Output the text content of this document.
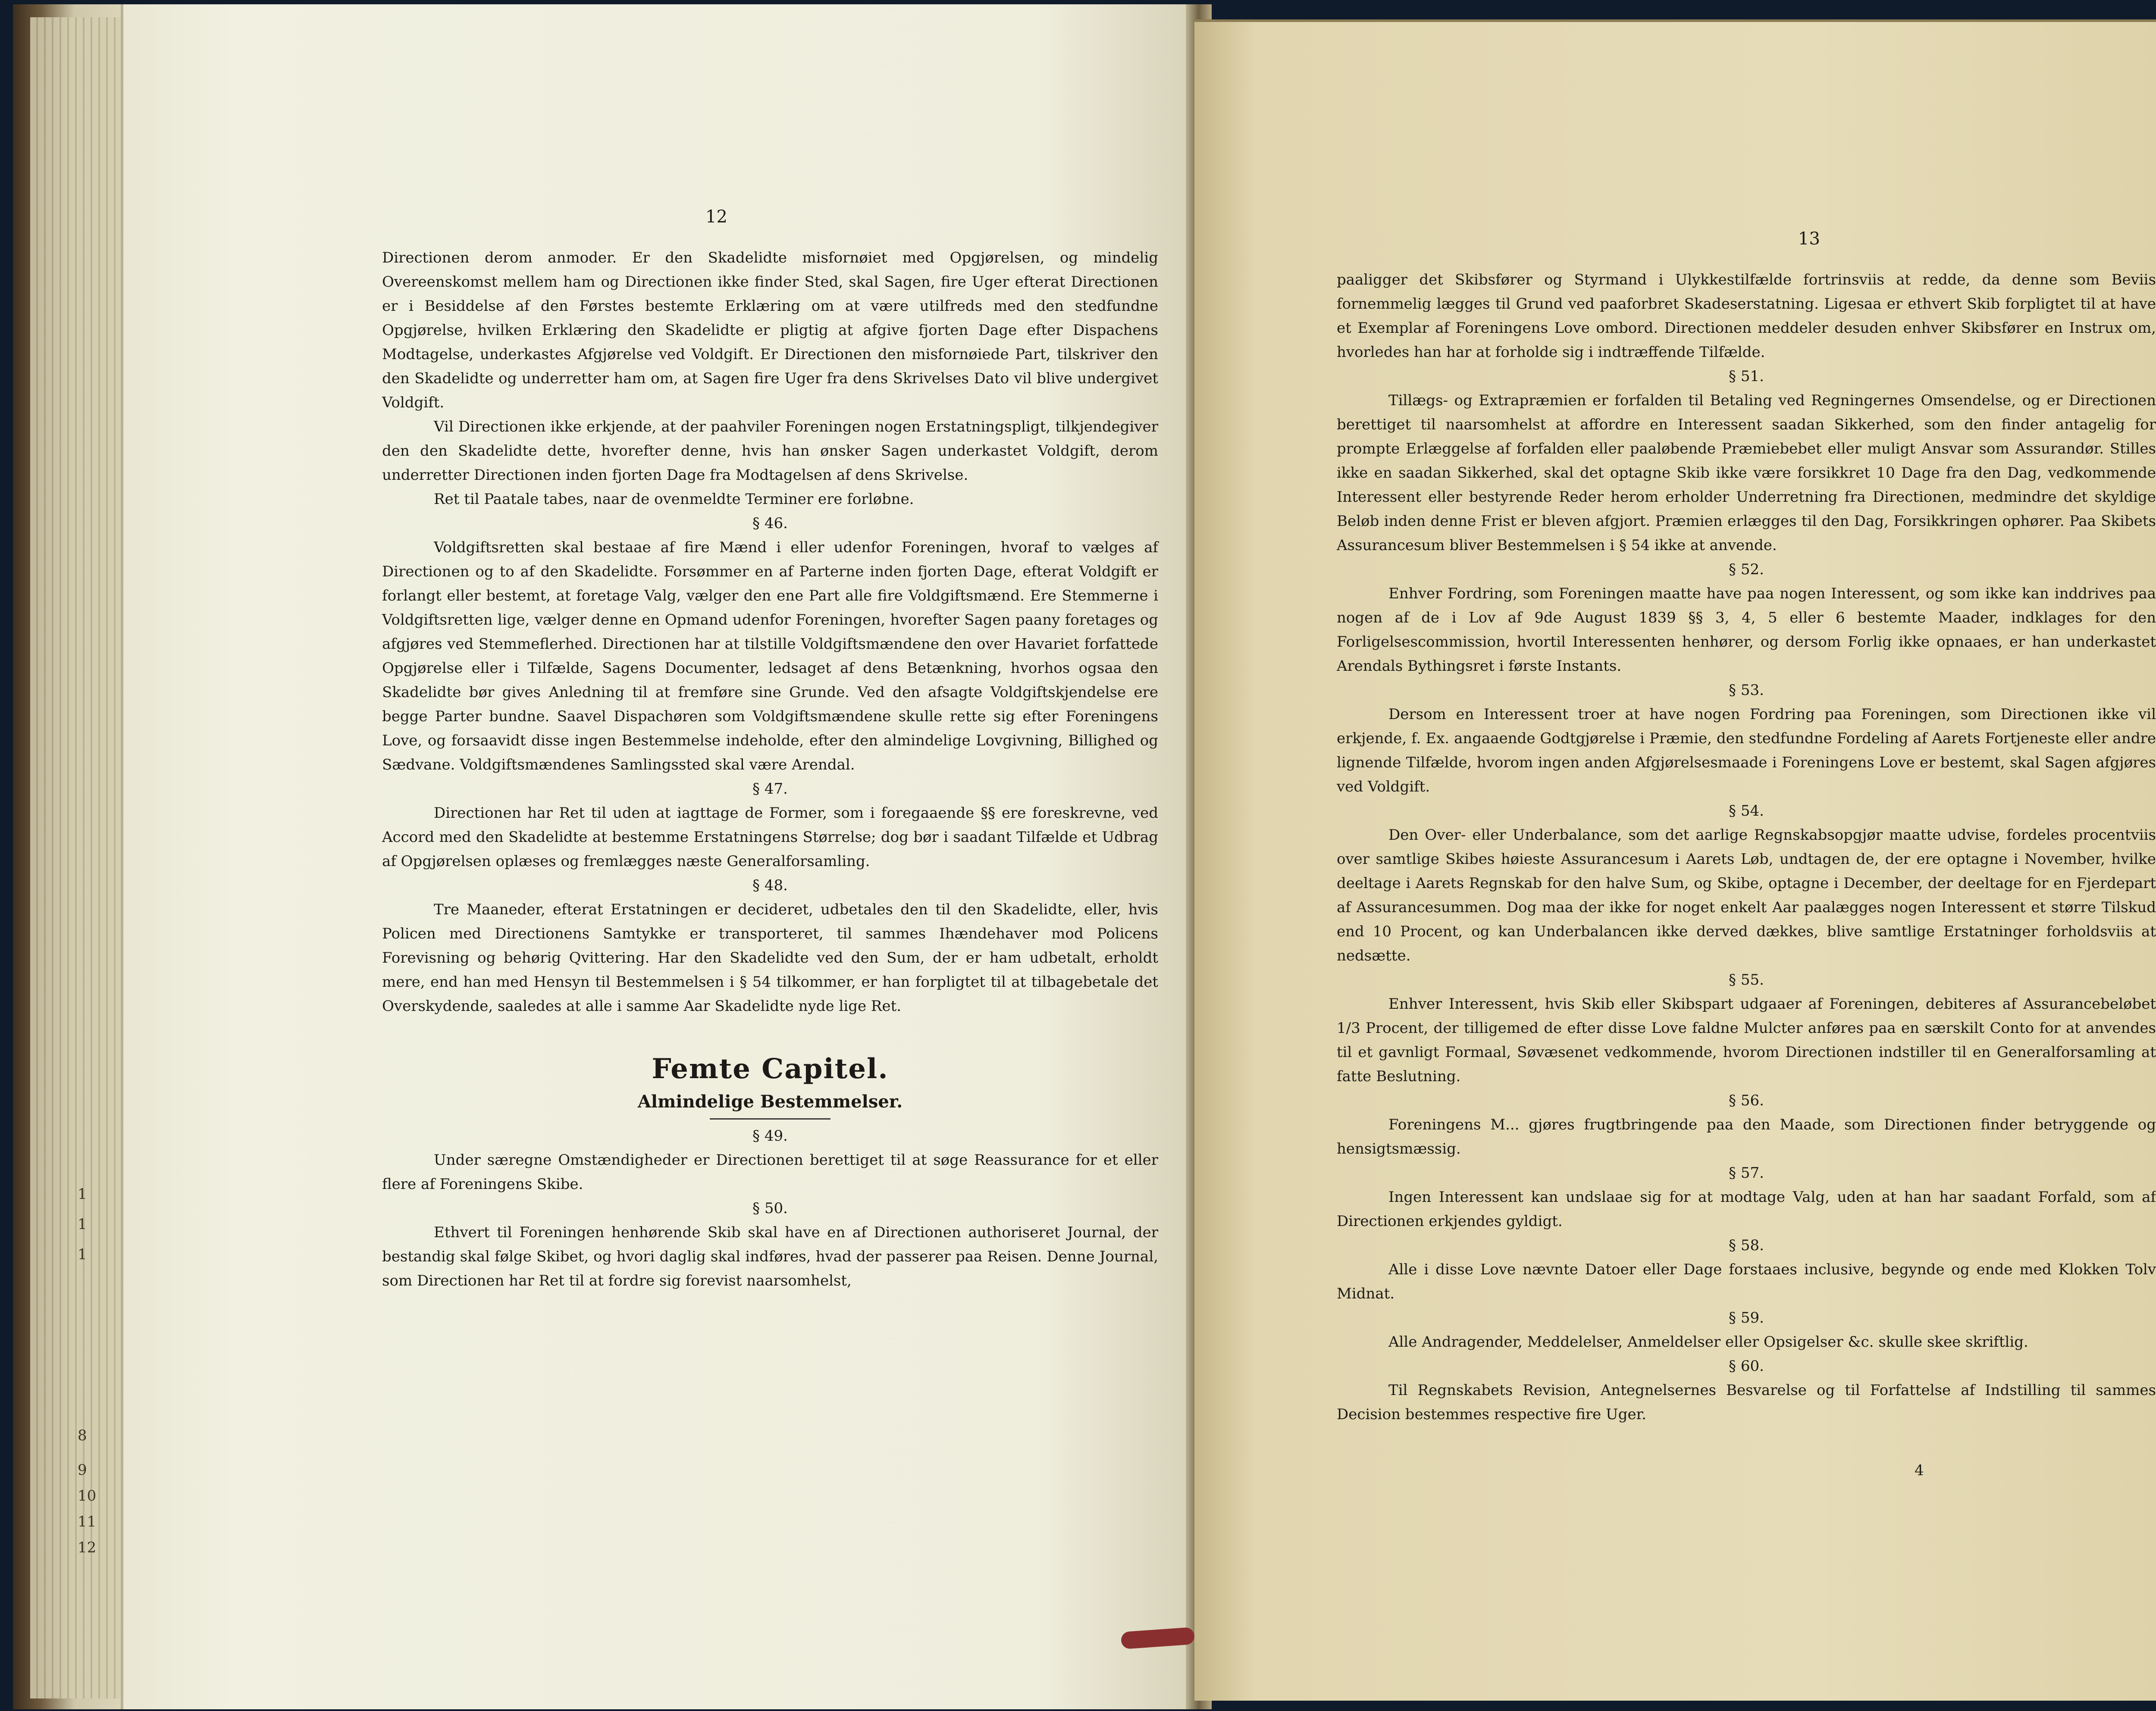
1
1
1
8
9
10
11
12
12

Directionen derom anmoder. Er den Skadelidte misfornøiet med Opgjørelsen, og mindelig Overeenskomst mellem ham og Directionen ikke finder Sted, skal Sagen, fire Uger efterat Directionen er i Besiddelse af den Førstes bestemte Erklæring om at være utilfreds med den stedfundne Opgjørelse, hvilken Erklæring den Skadelidte er pligtig at afgive fjorten Dage efter Dispachens Modtagelse, underkastes Afgjørelse ved Voldgift. Er Directionen den misfornøiede Part, tilskriver den den Skadelidte og underretter ham om, at Sagen fire Uger fra dens Skrivelses Dato vil blive undergivet Voldgift.

Vil Directionen ikke erkjende, at der paahviler Foreningen nogen Erstatningspligt, tilkjendegiver den den Skadelidte dette, hvorefter denne, hvis han ønsker Sagen underkastet Voldgift, derom underretter Directionen inden fjorten Dage fra Modtagelsen af dens Skrivelse.

Ret til Paatale tabes, naar de ovenmeldte Terminer ere forløbne.

§ 46.

Voldgiftsretten skal bestaae af fire Mænd i eller udenfor Foreningen, hvoraf to vælges af Directionen og to af den Skadelidte. Forsømmer en af Parterne inden fjorten Dage, efterat Voldgift er forlangt eller bestemt, at foretage Valg, vælger den ene Part alle fire Voldgiftsmænd. Ere Stemmerne i Voldgiftsretten lige, vælger denne en Opmand udenfor Foreningen, hvorefter Sagen paany foretages og afgjøres ved Stemmeflerhed. Directionen har at tilstille Voldgiftsmændene den over Havariet forfattede Opgjørelse eller i Tilfælde, Sagens Documenter, ledsaget af dens Betænkning, hvorhos ogsaa den Skadelidte bør gives Anledning til at fremføre sine Grunde. Ved den afsagte Voldgiftskjendelse ere begge Parter bundne. Saavel Dispachøren som Voldgiftsmændene skulle rette sig efter Foreningens Love, og forsaavidt disse ingen Bestemmelse indeholde, efter den almindelige Lovgivning, Billighed og Sædvane. Voldgiftsmændenes Samlingssted skal være Arendal.

§ 47.

Directionen har Ret til uden at iagttage de Former, som i foregaaende §§ ere foreskrevne, ved Accord med den Skadelidte at bestemme Erstatningens Størrelse; dog bør i saadant Tilfælde et Udbrag af Opgjørelsen oplæses og fremlægges næste Generalforsamling.

§ 48.

Tre Maaneder, efterat Erstatningen er decideret, udbetales den til den Skadelidte, eller, hvis Policen med Directionens Samtykke er transporteret, til sammes Ihændehaver mod Policens Forevisning og behørig Qvittering. Har den Skadelidte ved den Sum, der er ham udbetalt, erholdt mere, end han med Hensyn til Bestemmelsen i § 54 tilkommer, er han forpligtet til at tilbagebetale det Overskydende, saaledes at alle i samme Aar Skadelidte nyde lige Ret.

Femte Capitel.
Almindelige Bestemmelser.

§ 49.

Under særegne Omstændigheder er Directionen berettiget til at søge Reassurance for et eller flere af Foreningens Skibe.

§ 50.

Ethvert til Foreningen henhørende Skib skal have en af Directionen authoriseret Journal, der bestandig skal følge Skibet, og hvori daglig skal indføres, hvad der passerer paa Reisen. Denne Journal, som Directionen har Ret til at fordre sig forevist naarsomhelst,

13

paaligger det Skibsfører og Styrmand i Ulykkestilfælde fortrinsviis at redde, da denne som Beviis fornemmelig lægges til Grund ved paaforbret Skadeserstatning. Ligesaa er ethvert Skib forpligtet til at have et Exemplar af Foreningens Love ombord. Directionen meddeler desuden enhver Skibsfører en Instrux om, hvorledes han har at forholde sig i indtræffende Tilfælde.

§ 51.

Tillægs- og Extrapræmien er forfalden til Betaling ved Regningernes Omsendelse, og er Directionen berettiget til naarsomhelst at affordre en Interessent saadan Sikkerhed, som den finder antagelig for prompte Erlæggelse af forfalden eller paaløbende Præmiebebet eller muligt Ansvar som Assurandør. Stilles ikke en saadan Sikkerhed, skal det optagne Skib ikke være forsikkret 10 Dage fra den Dag, vedkommende Interessent eller bestyrende Reder herom erholder Underretning fra Directionen, medmindre det skyldige Beløb inden denne Frist er bleven afgjort. Præmien erlægges til den Dag, Forsikkringen ophører. Paa Skibets Assurancesum bliver Bestemmelsen i § 54 ikke at anvende.

§ 52.

Enhver Fordring, som Foreningen maatte have paa nogen Interessent, og som ikke kan inddrives paa nogen af de i Lov af 9de August 1839 §§ 3, 4, 5 eller 6 bestemte Maader, indklages for den Forligelsescommission, hvortil Interessenten henhører, og dersom Forlig ikke opnaaes, er han underkastet Arendals Bythingsret i første Instants.

§ 53.

Dersom en Interessent troer at have nogen Fordring paa Foreningen, som Directionen ikke vil erkjende, f. Ex. angaaende Godtgjørelse i Præmie, den stedfundne Fordeling af Aarets Fortjeneste eller andre lignende Tilfælde, hvorom ingen anden Afgjørelsesmaade i Foreningens Love er bestemt, skal Sagen afgjøres ved Voldgift.

§ 54.

Den Over- eller Underbalance, som det aarlige Regnskabsopgjør maatte udvise, fordeles procentviis over samtlige Skibes høieste Assurancesum i Aarets Løb, undtagen de, der ere optagne i November, hvilke deeltage i Aarets Regnskab for den halve Sum, og Skibe, optagne i December, der deeltage for en Fjerdepart af Assurancesummen. Dog maa der ikke for noget enkelt Aar paalægges nogen Interessent et større Tilskud end 10 Procent, og kan Underbalancen ikke derved dækkes, blive samtlige Erstatninger forholdsviis at nedsætte.

§ 55.

Enhver Interessent, hvis Skib eller Skibspart udgaaer af Foreningen, debiteres af Assurancebeløbet 1/3 Procent, der tilligemed de efter disse Love faldne Mulcter anføres paa en særskilt Conto for at anvendes til et gavnligt Formaal, Søvæsenet vedkommende, hvorom Directionen indstiller til en Generalforsamling at fatte Beslutning.

§ 56.

Foreningens M... gjøres frugtbringende paa den Maade, som Directionen finder betryggende og hensigtsmæssig.

§ 57.

Ingen Interessent kan undslaae sig for at modtage Valg, uden at han har saadant Forfald, som af Directionen erkjendes gyldigt.

§ 58.

Alle i disse Love nævnte Datoer eller Dage forstaaes inclusive, begynde og ende med Klokken Tolv Midnat.

§ 59.

Alle Andragender, Meddelelser, Anmeldelser eller Opsigelser &c. skulle skee skriftlig.

§ 60.

Til Regnskabets Revision, Antegnelsernes Besvarelse og til Forfattelse af Indstilling til sammes Decision bestemmes respective fire Uger.

4
